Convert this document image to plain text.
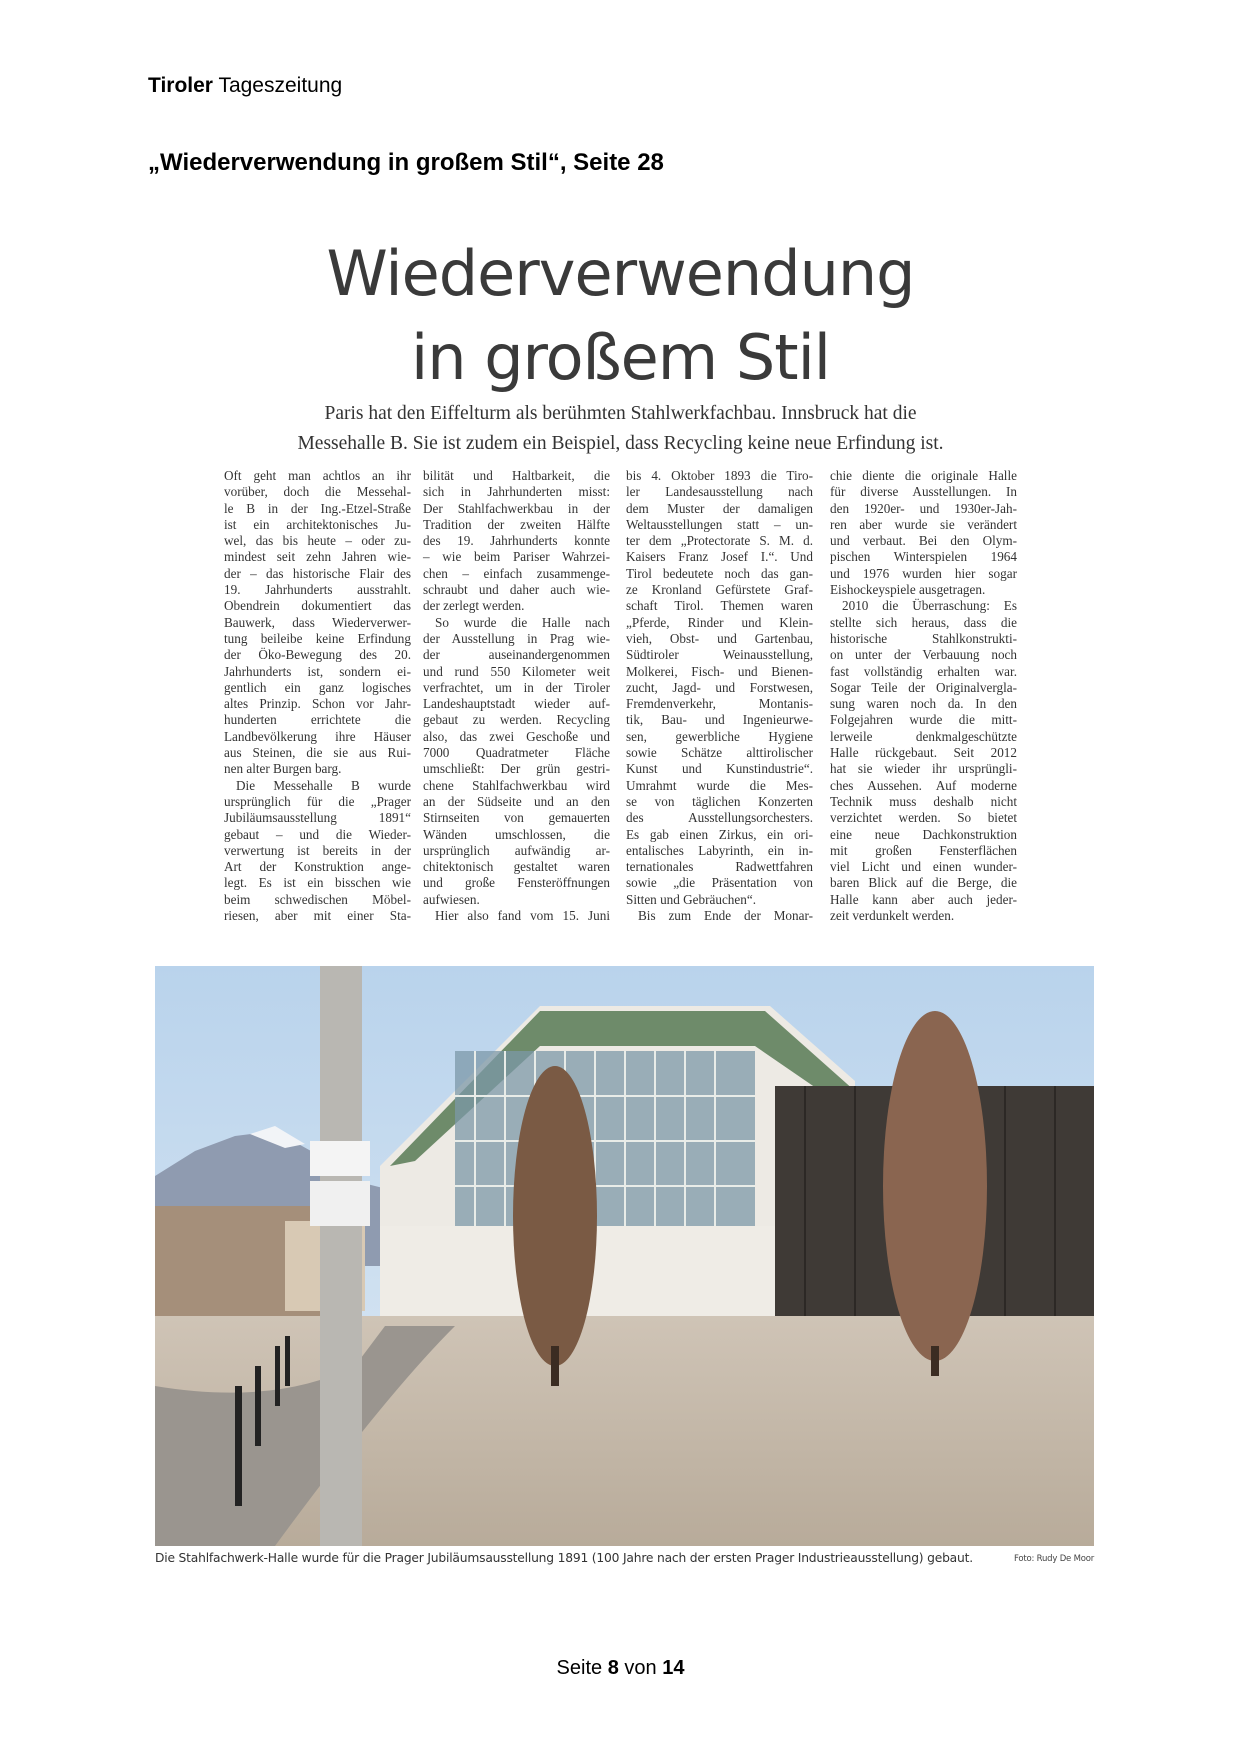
Tiroler Tageszeitung
„Wiederverwendung in großem Stil“, Seite 28
Wiederverwendung
in großem Stil
Paris hat den Eiffelturm als berühmten Stahlwerkfachbau. Innsbruck hat die
Messehalle B. Sie ist zudem ein Beispiel, dass Recycling keine neue Erfindung ist.
Oft geht man achtlos an ihr
vorüber, doch die Messehal-
le B in der Ing.-Etzel-Straße
ist ein architektonisches Ju-
wel, das bis heute – oder zu-
mindest seit zehn Jahren wie-
der – das historische Flair des
19. Jahrhunderts ausstrahlt.
Obendrein dokumentiert das
Bauwerk, dass Wiederverwer-
tung beileibe keine Erfindung
der Öko-Bewegung des 20.
Jahrhunderts ist, sondern ei-
gentlich ein ganz logisches
altes Prinzip. Schon vor Jahr-
hunderten errichtete die
Landbevölkerung ihre Häuser
aus Steinen, die sie aus Rui-
nen alter Burgen barg.
Die Messehalle B wurde
ursprünglich für die „Prager
Jubiläumsausstellung 1891“
gebaut – und die Wieder-
verwertung ist bereits in der
Art der Konstruktion ange-
legt. Es ist ein bisschen wie
beim schwedischen Möbel-
riesen, aber mit einer Sta-
bilität und Haltbarkeit, die
sich in Jahrhunderten misst:
Der Stahlfachwerkbau in der
Tradition der zweiten Hälfte
des 19. Jahrhunderts konnte
– wie beim Pariser Wahrzei-
chen – einfach zusammenge-
schraubt und daher auch wie-
der zerlegt werden.
So wurde die Halle nach
der Ausstellung in Prag wie-
der auseinandergenommen
und rund 550 Kilometer weit
verfrachtet, um in der Tiroler
Landeshauptstadt wieder auf-
gebaut zu werden. Recycling
also, das zwei Geschoße und
7000 Quadratmeter Fläche
umschließt: Der grün gestri-
chene Stahlfachwerkbau wird
an der Südseite und an den
Stirnseiten von gemauerten
Wänden umschlossen, die
ursprünglich aufwändig ar-
chitektonisch gestaltet waren
und große Fensteröffnungen
aufwiesen.
Hier also fand vom 15. Juni
bis 4. Oktober 1893 die Tiro-
ler Landesausstellung nach
dem Muster der damaligen
Weltausstellungen statt – un-
ter dem „Protectorate S. M. d.
Kaisers Franz Josef I.“. Und
Tirol bedeutete noch das gan-
ze Kronland Gefürstete Graf-
schaft Tirol. Themen waren
„Pferde, Rinder und Klein-
vieh, Obst- und Gartenbau,
Südtiroler Weinausstellung,
Molkerei, Fisch- und Bienen-
zucht, Jagd- und Forstwesen,
Fremdenverkehr, Montanis-
tik, Bau- und Ingenieurwe-
sen, gewerbliche Hygiene
sowie Schätze alttirolischer
Kunst und Kunstindustrie“.
Umrahmt wurde die Mes-
se von täglichen Konzerten
des Ausstellungsorchesters.
Es gab einen Zirkus, ein ori-
entalisches Labyrinth, ein in-
ternationales Radwettfahren
sowie „die Präsentation von
Sitten und Gebräuchen“.
Bis zum Ende der Monar-
chie diente die originale Halle
für diverse Ausstellungen. In
den 1920er- und 1930er-Jah-
ren aber wurde sie verändert
und verbaut. Bei den Olym-
pischen Winterspielen 1964
und 1976 wurden hier sogar
Eishockeyspiele ausgetragen.
2010 die Überraschung: Es
stellte sich heraus, dass die
historische Stahlkonstrukti-
on unter der Verbauung noch
fast vollständig erhalten war.
Sogar Teile der Originalvergla-
sung waren noch da. In den
Folgejahren wurde die mitt-
lerweile denkmalgeschützte
Halle rückgebaut. Seit 2012
hat sie wieder ihr ursprüngli-
ches Aussehen. Auf moderne
Technik muss deshalb nicht
verzichtet werden. So bietet
eine neue Dachkonstruktion
mit großen Fensterflächen
viel Licht und einen wunder-
baren Blick auf die Berge, die
Halle kann aber auch jeder-
zeit verdunkelt werden.
Die Stahlfachwerk-Halle wurde für die Prager Jubiläumsausstellung 1891 (100 Jahre nach der ersten Prager Industrieausstellung) gebaut.	Foto: Rudy De Moor
Seite 8 von 14
